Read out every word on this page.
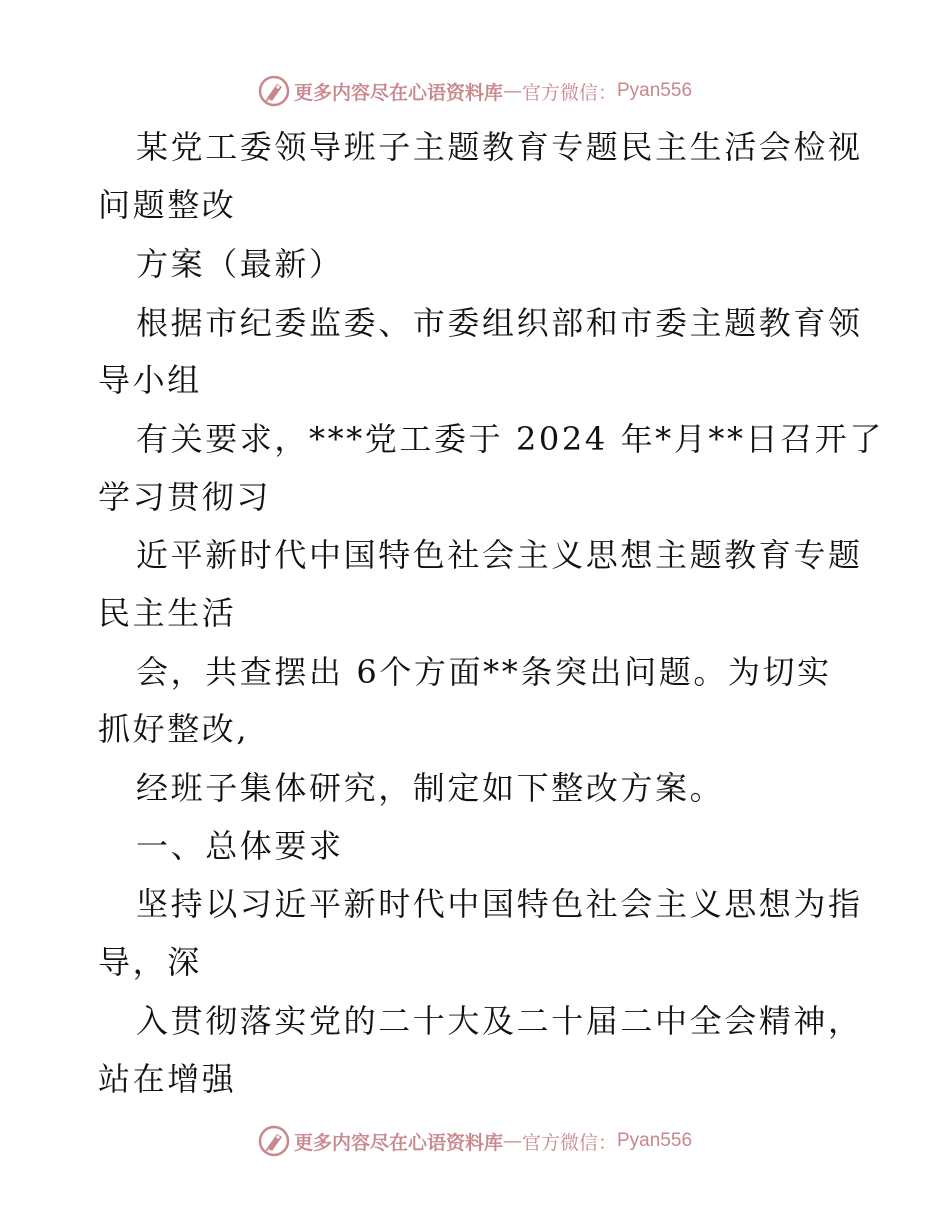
更多内容尽在心语资料库 — 官方微信： Pyan556
某党工委领导班子主题教育专题民主生活会检视
问题整改
方案（最新）
根据市纪委监委、市委组织部和市委主题教育领
导小组
有关要求，***党工委于 2024 年*月**日召开了
学习贯彻习
近平新时代中国特色社会主义思想主题教育专题
民主生活
会，共查摆出 6个方面**条突出问题。为切实
抓好整改,
经班子集体研究，制定如下整改方案。
一、总体要求
坚持以习近平新时代中国特色社会主义思想为指
导，深
入贯彻落实党的二十大及二十届二中全会精神，
站在增强
更多内容尽在心语资料库 — 官方微信： Pyan556
